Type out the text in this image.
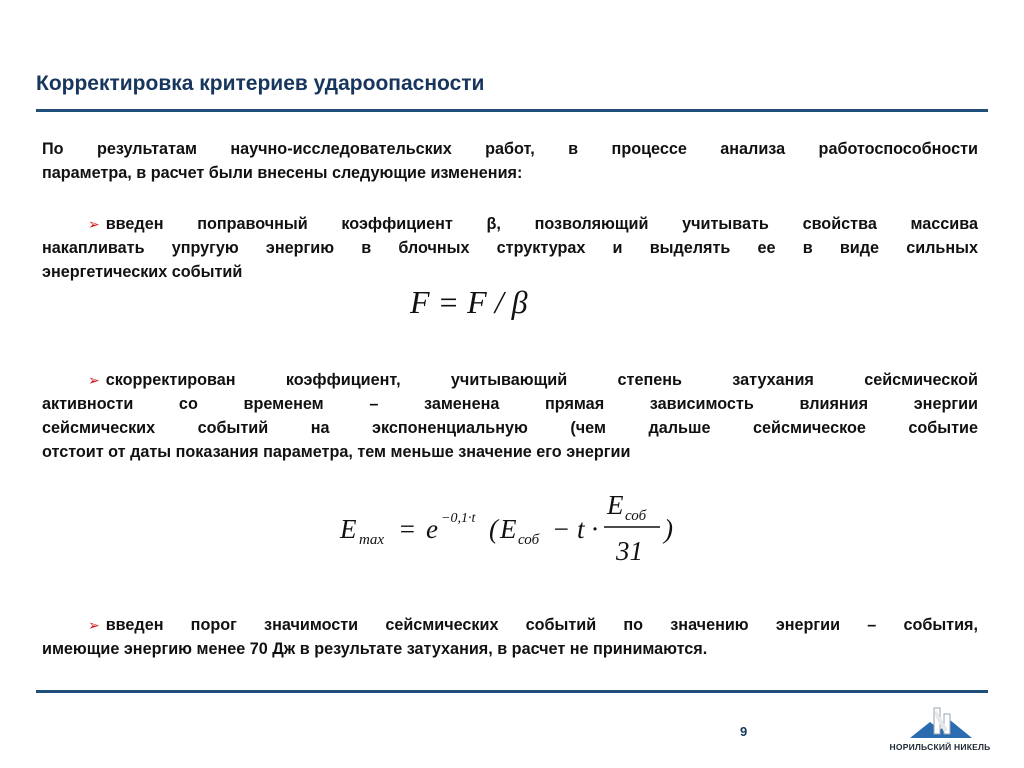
Корректировка критериев удароопасности
По результатам научно-исследовательских работ, в процессе анализа работоспособности
параметра, в расчет были внесены следующие изменения:
➢ введен поправочный коэффициент β, позволяющий учитывать свойства массива
накапливать упругую энергию в блочных структурах и выделять ее в виде сильных
энергетических событий
F = F / β
➢ скорректирован коэффициент, учитывающий степень затухания сейсмической
активности со временем – заменена прямая зависимость влияния энергии
сейсмических событий на экспоненциальную (чем дальше сейсмическое событие
отстоит от даты показания параметра, тем меньше значение его энергии
E max = e −0,1·t ( E соб − t ·
E соб
31
)
➢ введен порог значимости сейсмических событий по значению энергии – события,
имеющие энергию менее 70 Дж в результате затухания, в расчет не принимаются.
9
НОРИЛЬСКИЙ НИКЕЛЬ
